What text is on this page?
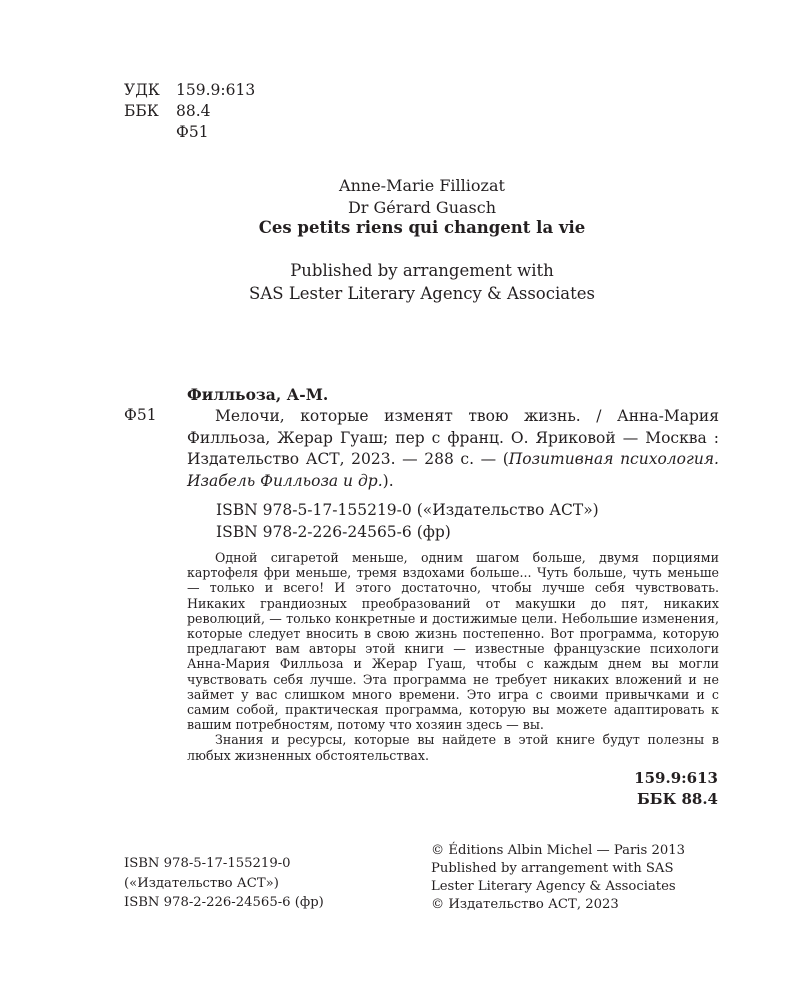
УДК	159.9:613
ББК	88.4
Ф51
Anne-Marie Filliozat
Dr Gérard Guasch
Ces petits riens qui changent la vie
Published by arrangement with
SAS Lester Literary Agency & Associates
Филльоза, А-М.
Ф51	Мелочи, которые изменят твою жизнь. / Анна-Мария Филльоза, Жерар Гуаш; пер с франц. О. Яриковой — Москва : Издательство АСТ, 2023. — 288 с. — (Позитивная психология. Изабель Филльоза и др.).
ISBN 978-5-17-155219-0 («Издательство АСТ»)
ISBN 978-2-226-24565-6 (фр)

Одной сигаретой меньше, одним шагом больше, двумя порциями картофеля фри меньше, тремя вздохами больше... Чуть больше, чуть меньше — только и всего! И этого достаточно, чтобы лучше себя чувствовать. Никаких грандиозных преобразований от макушки до пят, никаких революций, — только конкретные и достижимые цели. Небольшие изменения, которые следует вносить в свою жизнь постепенно. Вот программа, которую предлагают вам авторы этой книги — известные французские психологи Анна-Мария Филльоза и Жерар Гуаш, чтобы с каждым днем вы могли чувствовать себя лучше. Эта программа не требует никаких вложений и не займет у вас слишком много времени. Это игра с своими привычками и с самим собой, практическая программа, которую вы можете адаптировать к вашим потребностям, потому что хозяин здесь — вы.

Знания и ресурсы, которые вы найдете в этой книге будут полезны в любых жизненных обстоятельствах.

159.9:613
ББК 88.4
ISBN 978-5-17-155219-0
(«Издательство АСТ»)
ISBN 978-2-226-24565-6 (фр)
© Éditions Albin Michel — Paris 2013
Published by arrangement with SAS
Lester Literary Agency & Associates
© Издательство АСТ, 2023
